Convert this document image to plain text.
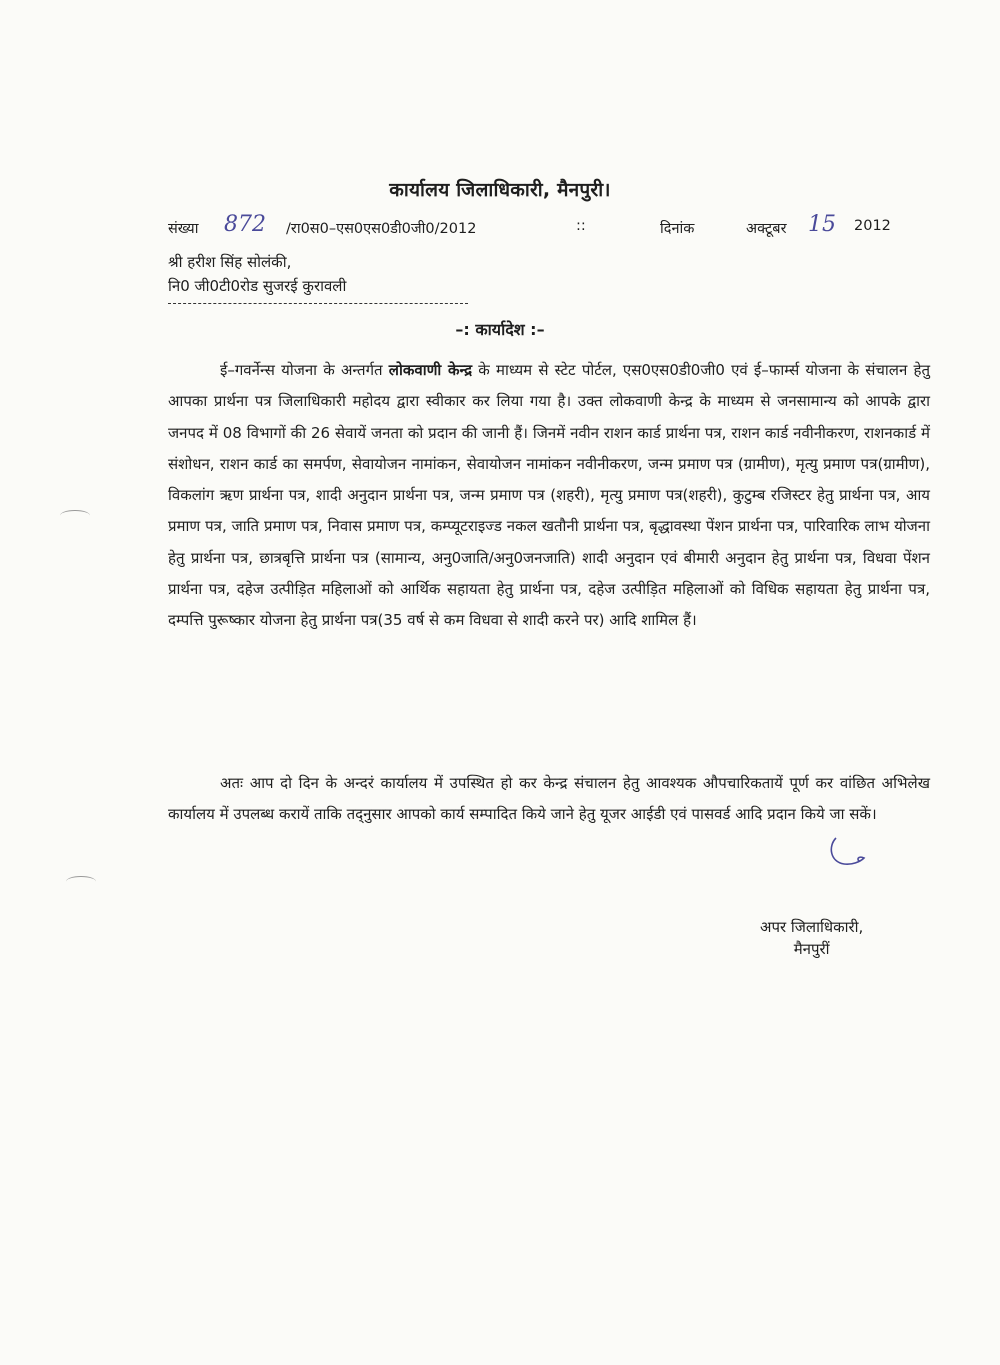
कार्यालय जिलाधिकारी, मैनपुरी।
संख्या 872 /रा0स0–एस0एस0डी0जी0/2012	::	दिनांक	अक्टूबर 15 2012
श्री हरीश सिंह सोलंकी,
नि0 जी0टी0रोड सुजरई कुरावली
–: कार्यादेश :–

ई–गवर्नेन्स योजना के अन्तर्गत लोकवाणी केन्द्र के माध्यम से स्टेट पोर्टल, एस0एस0डी0जी0 एवं ई–फार्म्स योजना के संचालन हेतु आपका प्रार्थना पत्र जिलाधिकारी महोदय द्वारा स्वीकार कर लिया गया है। उक्त लोकवाणी केन्द्र के माध्यम से जनसामान्य को आपके द्वारा जनपद में 08 विभागों की 26 सेवायें जनता को प्रदान की जानी हैं। जिनमें नवीन राशन कार्ड प्रार्थना पत्र, राशन कार्ड नवीनीकरण, राशनकार्ड में संशोधन, राशन कार्ड का समर्पण, सेवायोजन नामांकन, सेवायोजन नामांकन नवीनीकरण, जन्म प्रमाण पत्र (ग्रामीण), मृत्यु प्रमाण पत्र(ग्रामीण), विकलांग ऋण प्रार्थना पत्र, शादी अनुदान प्रार्थना पत्र, जन्म प्रमाण पत्र (शहरी), मृत्यु प्रमाण पत्र(शहरी), कुटुम्ब रजिस्टर हेतु प्रार्थना पत्र, आय प्रमाण पत्र, जाति प्रमाण पत्र, निवास प्रमाण पत्र, कम्प्यूटराइज्ड नकल खतौनी प्रार्थना पत्र, बृद्धावस्था पेंशन प्रार्थना पत्र, पारिवारिक लाभ योजना हेतु प्रार्थना पत्र, छात्रबृत्ति प्रार्थना पत्र (सामान्य, अनु0जाति/अनु0जनजाति) शादी अनुदान एवं बीमारी अनुदान हेतु प्रार्थना पत्र, विधवा पेंशन प्रार्थना पत्र, दहेज उत्पीड़ित महिलाओं को आर्थिक सहायता हेतु प्रार्थना पत्र, दहेज उत्पीड़ित महिलाओं को विधिक सहायता हेतु प्रार्थना पत्र, दम्पत्ति पुरूष्कार योजना हेतु प्रार्थना पत्र(35 वर्ष से कम विधवा से शादी करने पर) आदि शामिल हैं।

अतः आप दो दिन के अन्दरं कार्यालय में उपस्थित हो कर केन्द्र संचालन हेतु आवश्यक औपचारिकतायें पूर्ण कर वांछित अभिलेख कार्यालय में उपलब्ध करायें ताकि तद्नुसार आपको कार्य सम्पादित किये जाने हेतु यूजर आईडी एवं पासवर्ड आदि प्रदान किये जा सकें।

अपर जिलाधिकारी,
मैनपुरीं
